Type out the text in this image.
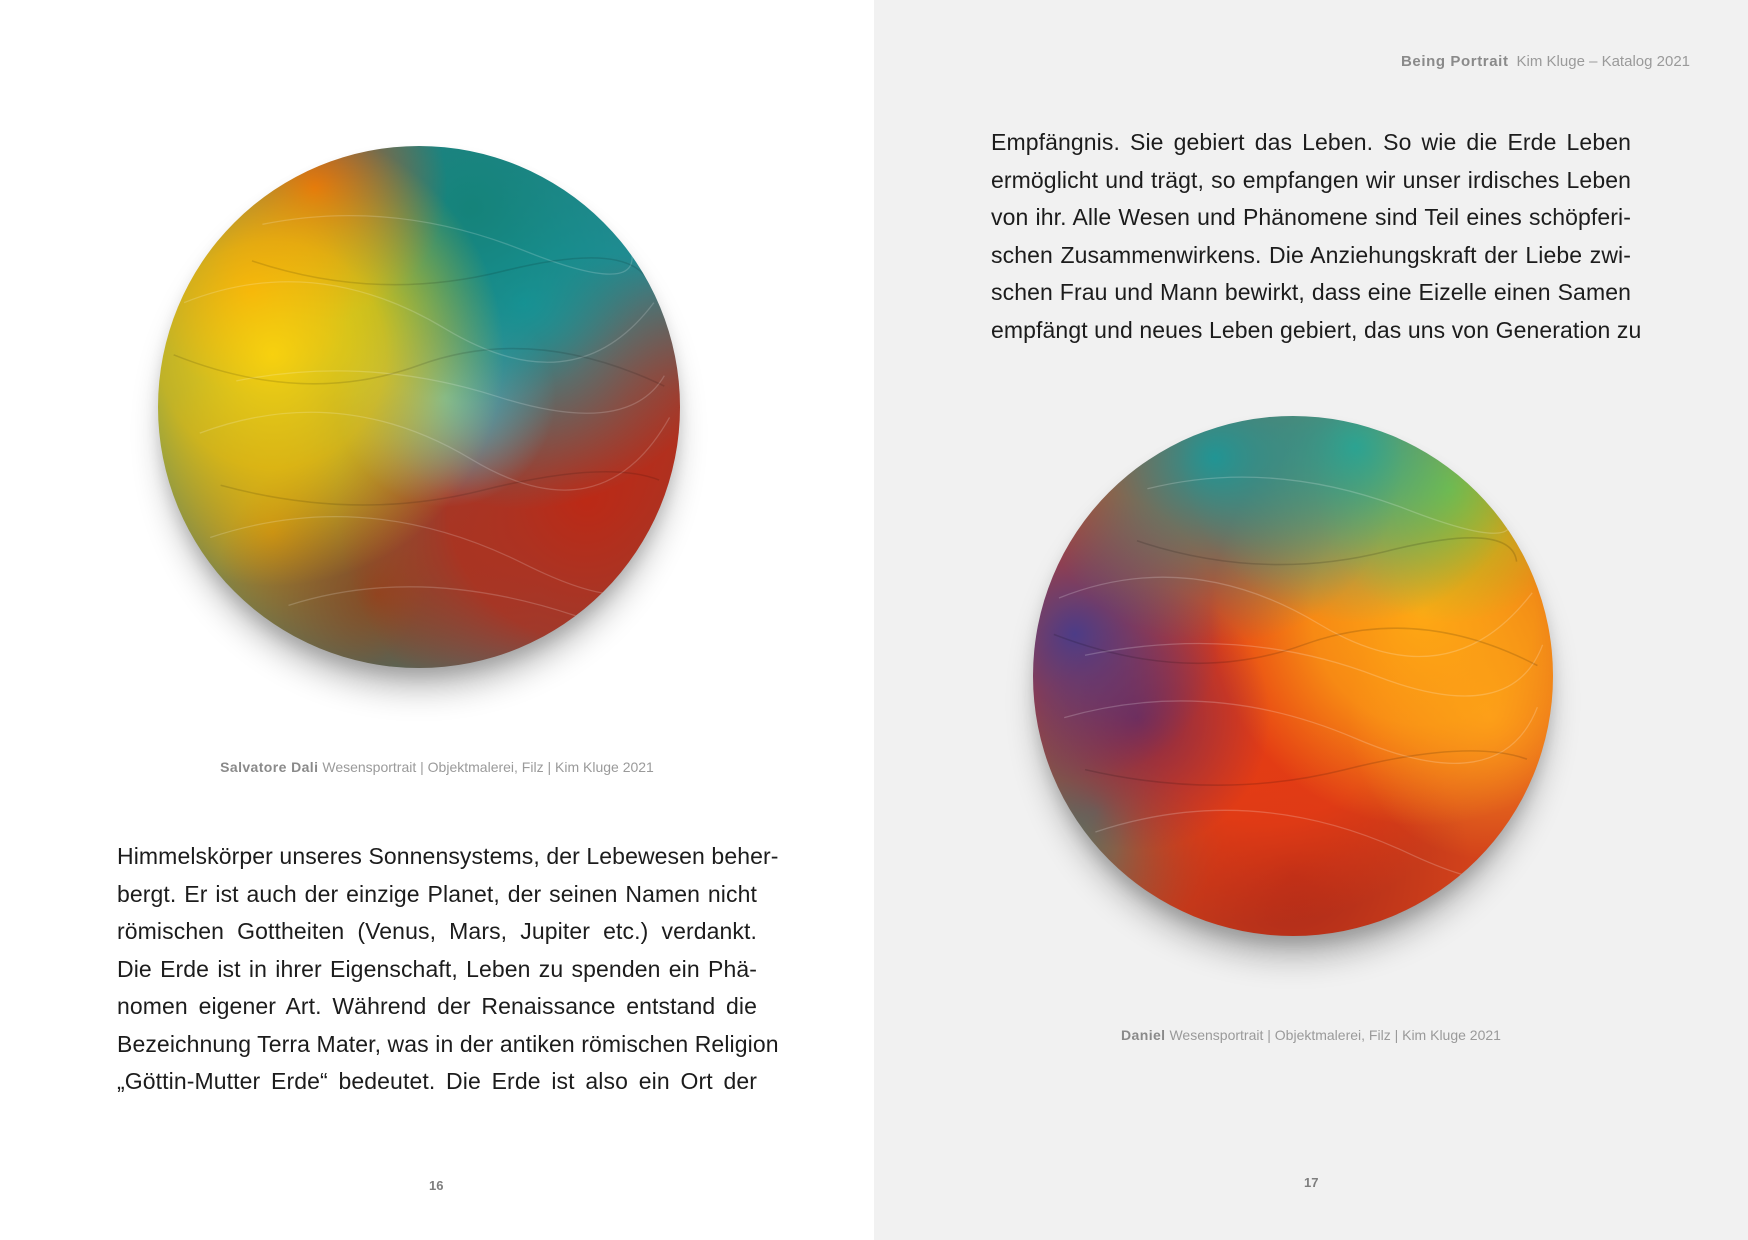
Salvatore Dali Wesensportrait | Objektmalerei, Filz | Kim Kluge 2021
Himmelskörper unseres Sonnensystems, der Lebewesen beher-
bergt. Er ist auch der einzige Planet, der seinen Namen nicht
römischen Gottheiten (Venus, Mars, Jupiter etc.) verdankt.
Die Erde ist in ihrer Eigenschaft, Leben zu spenden ein Phä-
nomen eigener Art. Während der Renaissance entstand die
Bezeichnung Terra Mater, was in der antiken römischen Religion
„Göttin-Mutter Erde“ bedeutet. Die Erde ist also ein Ort der
16
Being Portrait Kim Kluge – Katalog 2021
Empfängnis. Sie gebiert das Leben. So wie die Erde Leben
ermöglicht und trägt, so empfangen wir unser irdisches Leben
von ihr. Alle Wesen und Phänomene sind Teil eines schöpferi-
schen Zusammenwirkens. Die Anziehungskraft der Liebe zwi-
schen Frau und Mann bewirkt, dass eine Eizelle einen Samen
empfängt und neues Leben gebiert, das uns von Generation zu
Daniel Wesensportrait | Objektmalerei, Filz | Kim Kluge 2021
17
